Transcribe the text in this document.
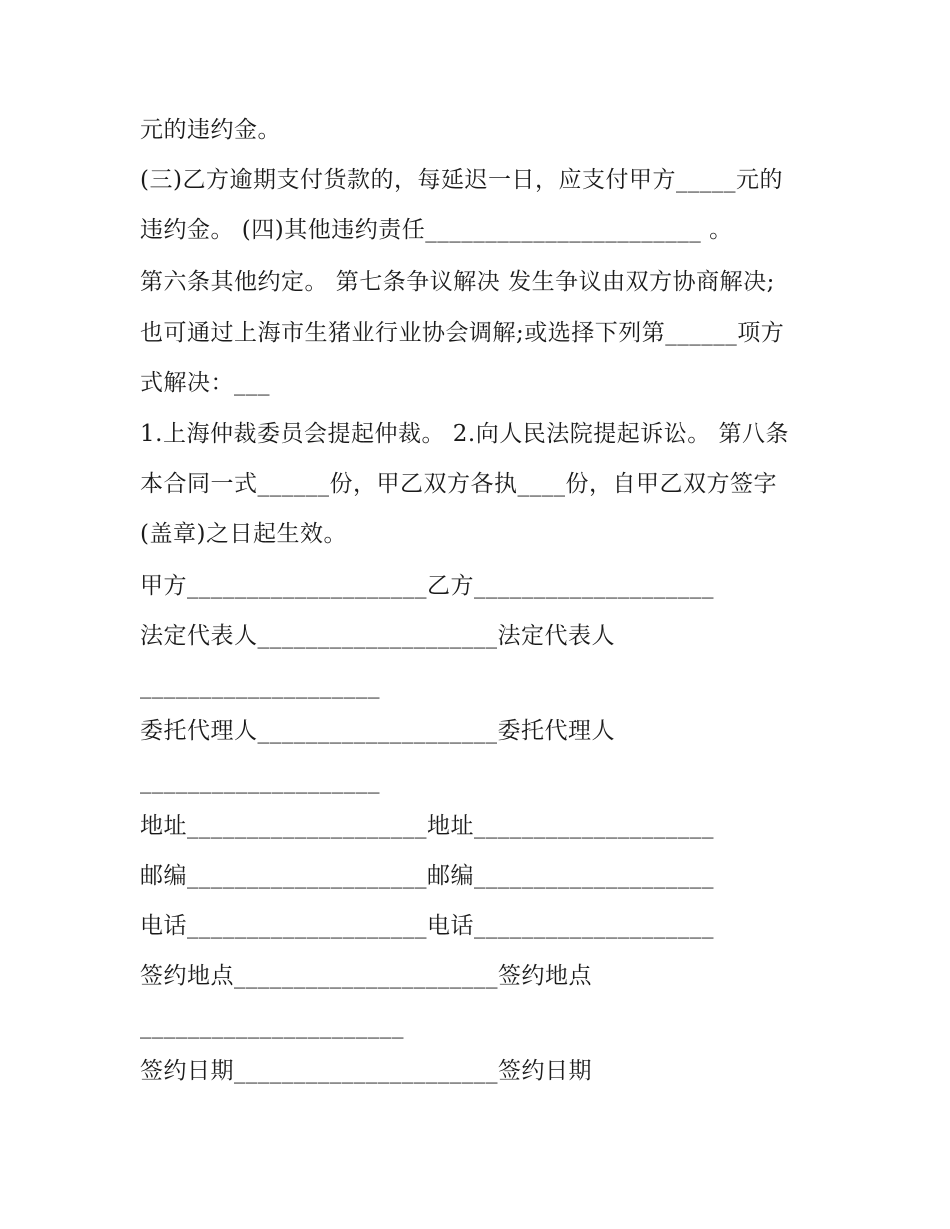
元的违约金。
(三)乙方逾期支付货款的，每延迟一日，应支付甲方_____元的
违约金。 (四)其他违约责任_______________________ 。
第六条其他约定。 第七条争议解决 发生争议由双方协商解决;
也可通过上海市生猪业行业协会调解;或选择下列第______项方
式解决：___
1.上海仲裁委员会提起仲裁。 2.向人民法院提起诉讼。 第八条
本合同一式______份，甲乙双方各执____份，自甲乙双方签字
(盖章)之日起生效。
甲方____________________乙方____________________
法定代表人____________________法定代表人
____________________
委托代理人____________________委托代理人
____________________
地址____________________地址____________________
邮编____________________邮编____________________
电话____________________电话____________________
签约地点______________________签约地点
______________________
签约日期______________________签约日期
